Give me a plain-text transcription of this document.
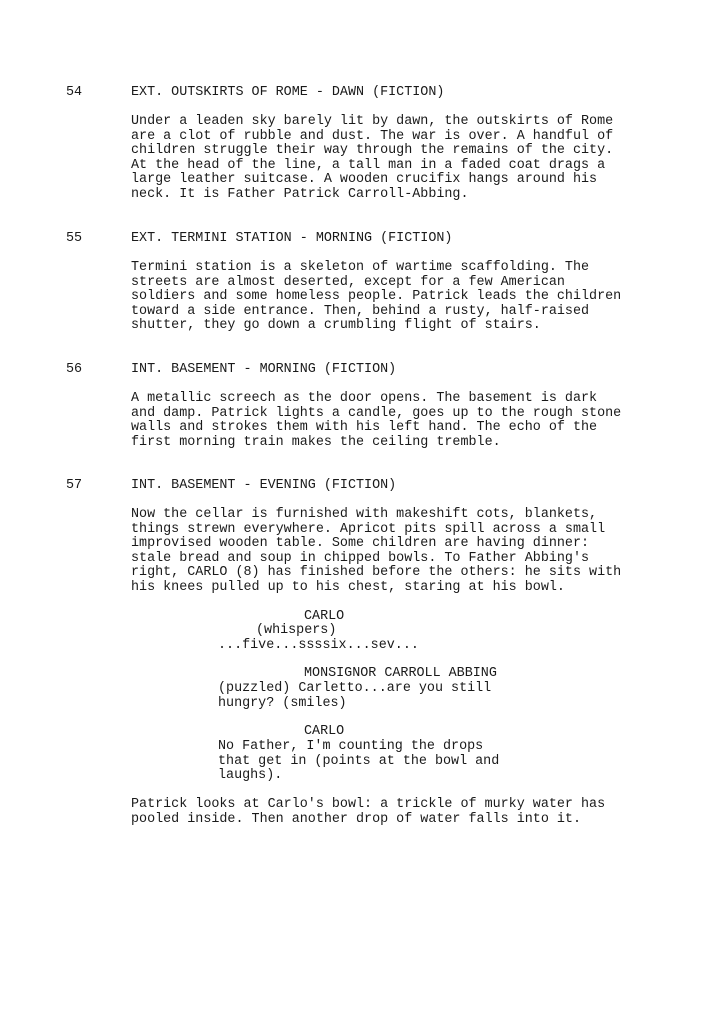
54	EXT. OUTSKIRTS OF ROME - DAWN (FICTION)
Under a leaden sky barely lit by dawn, the outskirts of Rome
are a clot of rubble and dust. The war is over. A handful of
children struggle their way through the remains of the city.
At the head of the line, a tall man in a faded coat drags a
large leather suitcase. A wooden crucifix hangs around his
neck. It is Father Patrick Carroll-Abbing.
55	EXT. TERMINI STATION - MORNING (FICTION)
Termini station is a skeleton of wartime scaffolding. The
streets are almost deserted, except for a few American
soldiers and some homeless people. Patrick leads the children
toward a side entrance. Then, behind a rusty, half-raised
shutter, they go down a crumbling flight of stairs.
56	INT. BASEMENT - MORNING (FICTION)
A metallic screech as the door opens. The basement is dark
and damp. Patrick lights a candle, goes up to the rough stone
walls and strokes them with his left hand. The echo of the
first morning train makes the ceiling tremble.
57	INT. BASEMENT - EVENING (FICTION)
Now the cellar is furnished with makeshift cots, blankets,
things strewn everywhere. Apricot pits spill across a small
improvised wooden table. Some children are having dinner:
stale bread and soup in chipped bowls. To Father Abbing's
right, CARLO (8) has finished before the others: he sits with
his knees pulled up to his chest, staring at his bowl.
CARLO
(whispers)
...five...ssssix...sev...
MONSIGNOR CARROLL ABBING
(puzzled) Carletto...are you still
hungry? (smiles)
CARLO
No Father, I'm counting the drops
that get in (points at the bowl and
laughs).
Patrick looks at Carlo's bowl: a trickle of murky water has
pooled inside. Then another drop of water falls into it.
